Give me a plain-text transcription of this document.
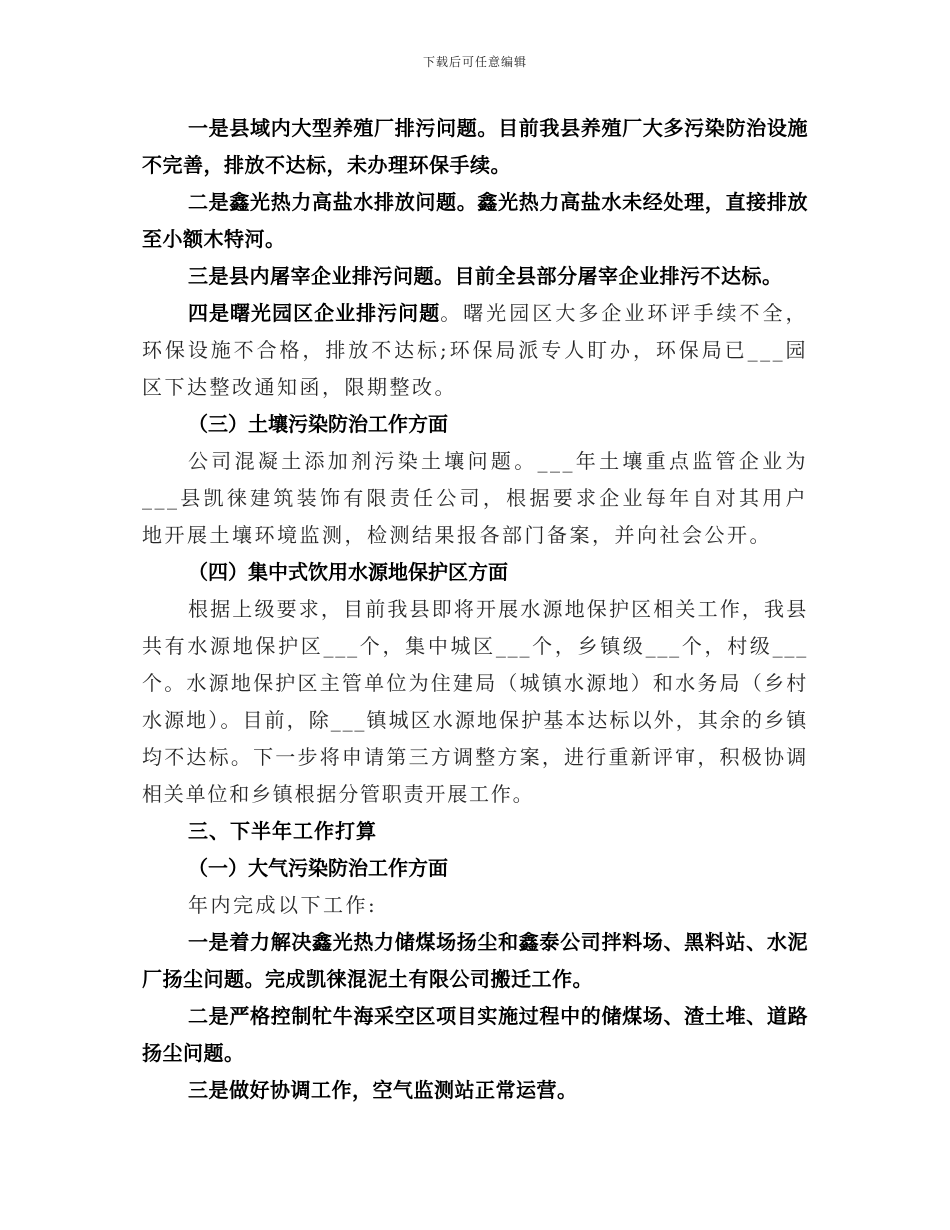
下载后可任意编辑

一是县域内大型养殖厂排污问题。目前我县养殖厂大多污染防治设施不完善，排放不达标，未办理环保手续。

二是鑫光热力高盐水排放问题。鑫光热力高盐水未经处理，直接排放至小额木特河。

三是县内屠宰企业排污问题。目前全县部分屠宰企业排污不达标。

四是曙光园区企业排污问题。曙光园区大多企业环评手续不全，环保设施不合格，排放不达标;环保局派专人盯办，环保局已___园区下达整改通知函，限期整改。

（三）土壤污染防治工作方面

公司混凝土添加剂污染土壤问题。___年土壤重点监管企业为___县凯徕建筑装饰有限责任公司，根据要求企业每年自对其用户地开展土壤环境监测，检测结果报各部门备案，并向社会公开。

（四）集中式饮用水源地保护区方面

根据上级要求，目前我县即将开展水源地保护区相关工作，我县共有水源地保护区___个，集中城区___个，乡镇级___个，村级___个。水源地保护区主管单位为住建局（城镇水源地）和水务局（乡村水源地）。目前，除___镇城区水源地保护基本达标以外，其余的乡镇均不达标。下一步将申请第三方调整方案，进行重新评审，积极协调相关单位和乡镇根据分管职责开展工作。

三、下半年工作打算

（一）大气污染防治工作方面

年内完成以下工作:

一是着力解决鑫光热力储煤场扬尘和鑫泰公司拌料场、黑料站、水泥厂扬尘问题。完成凯徕混泥土有限公司搬迁工作。

二是严格控制牤牛海采空区项目实施过程中的储煤场、渣土堆、道路扬尘问题。

三是做好协调工作，空气监测站正常运营。
